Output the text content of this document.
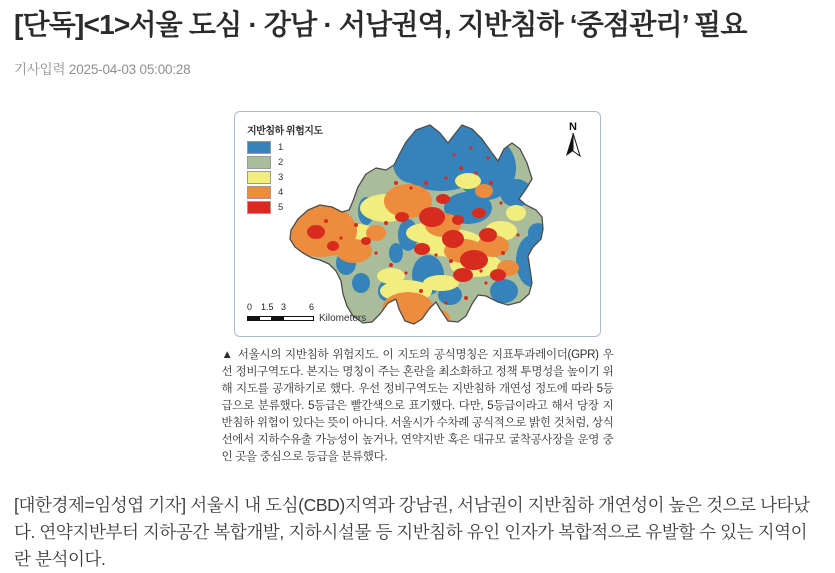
[단독]<1>서울 도심 · 강남 · 서남권역, 지반침하 ‘중점관리’ 필요
기사입력 2025-04-03 05:00:28
지반침하 위험지도
1
2
3
4
5
N
0 1.5 3	6
Kilometers
▲ 서울시의 지반침하 위험지도. 이 지도의 공식명칭은 지표투과레이더(GPR) 우선 정비구역도다. 본지는 명칭이 주는 혼란을 최소화하고 정책 투명성을 높이기 위해 지도를 공개하기로 했다. 우선 정비구역도는 지반침하 개연성 정도에 따라 5등급으로 분류했다. 5등급은 빨간색으로 표기했다. 다만, 5등급이라고 해서 당장 지반침하 위험이 있다는 뜻이 아니다. 서울시가 수차례 공식적으로 밝힌 것처럼, 상식선에서 지하수유출 가능성이 높거나, 연약지반 혹은 대규모 굴착공사장을 운영 중인 곳을 중심으로 등급을 분류했다.

[대한경제=임성엽 기자] 서울시 내 도심(CBD)지역과 강남권, 서남권이 지반침하 개연성이 높은 것으로 나타났다. 연약지반부터 지하공간 복합개발, 지하시설물 등 지반침하 유인 인자가 복합적으로 유발할 수 있는 지역이란 분석이다.
